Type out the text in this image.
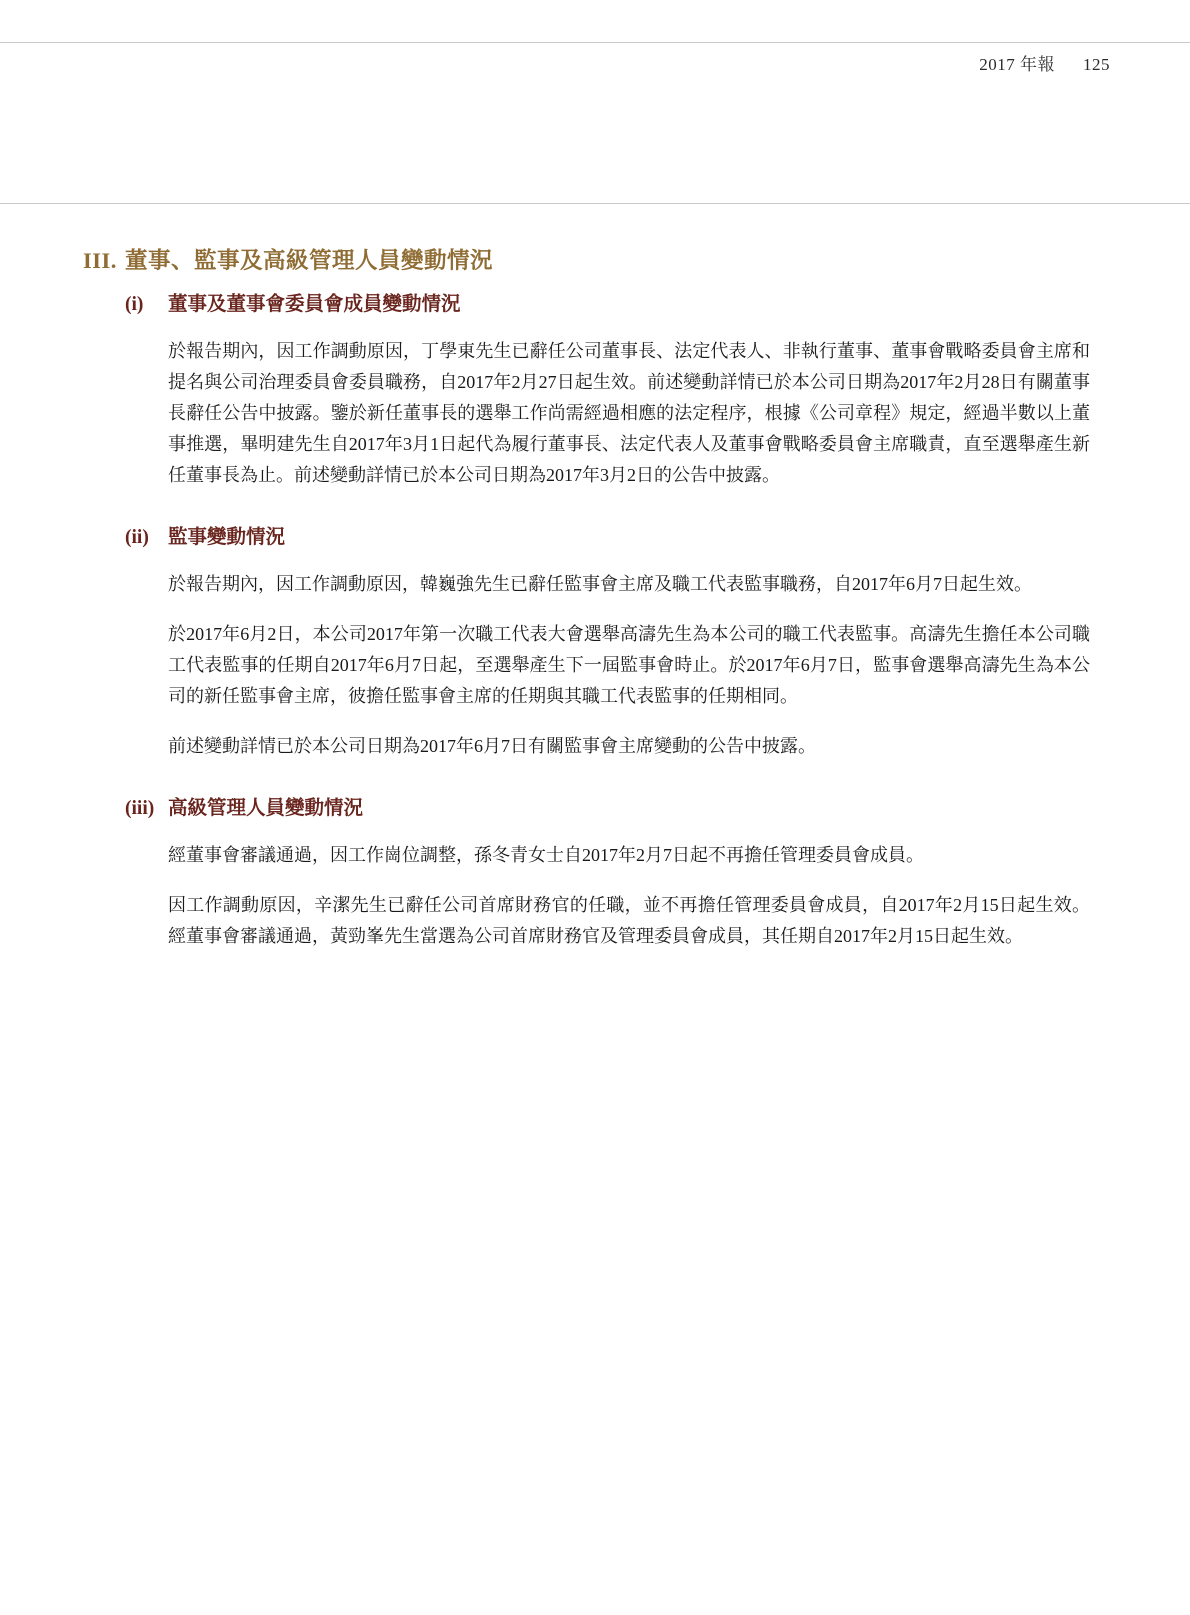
2017 年報 125
III. 董事、監事及高級管理人員變動情況
(i)	董事及董事會委員會成員變動情況

於報告期內，因工作調動原因，丁學東先生已辭任公司董事長、法定代表人、非執行董事、董事會戰略委員會主席和提名與公司治理委員會委員職務，自2017年2月27日起生效。前述變動詳情已於本公司日期為2017年2月28日有關董事長辭任公告中披露。鑒於新任董事長的選舉工作尚需經過相應的法定程序，根據《公司章程》規定，經過半數以上董事推選，畢明建先生自2017年3月1日起代為履行董事長、法定代表人及董事會戰略委員會主席職責，直至選舉產生新任董事長為止。前述變動詳情已於本公司日期為2017年3月2日的公告中披露。

(ii) 監事變動情況

於報告期內，因工作調動原因，韓巍強先生已辭任監事會主席及職工代表監事職務，自2017年6月7日起生效。

於2017年6月2日，本公司2017年第一次職工代表大會選舉高濤先生為本公司的職工代表監事。高濤先生擔任本公司職工代表監事的任期自2017年6月7日起，至選舉產生下一屆監事會時止。於2017年6月7日，監事會選舉高濤先生為本公司的新任監事會主席，彼擔任監事會主席的任期與其職工代表監事的任期相同。

前述變動詳情已於本公司日期為2017年6月7日有關監事會主席變動的公告中披露。

(iii) 高級管理人員變動情況

經董事會審議通過，因工作崗位調整，孫冬青女士自2017年2月7日起不再擔任管理委員會成員。

因工作調動原因，辛潔先生已辭任公司首席財務官的任職，並不再擔任管理委員會成員，自2017年2月15日起生效。經董事會審議通過，黃勁峯先生當選為公司首席財務官及管理委員會成員，其任期自2017年2月15日起生效。
